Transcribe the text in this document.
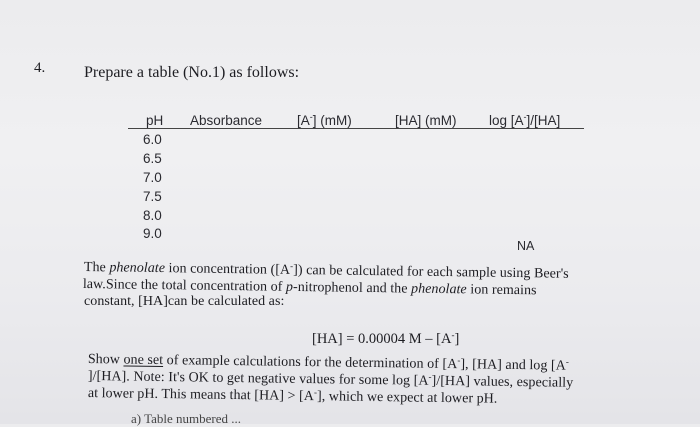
4. Prepare a table (No.1) as follows:
pH Absorbance	[A-] (mM)	[HA] (mM) log [A-]/[HA]
6.0
6.5
7.0
7.5
8.0
9.0
NA
The phenolate ion concentration ([A-]) can be calculated for each sample using Beer's
law.Since the total concentration of p-nitrophenol and the phenolate ion remains
constant, [HA]can be calculated as:
[HA] = 0.00004 M – [A-]
Show one set of example calculations for the determination of [A-], [HA] and log [A-
]/[HA]. Note: It's OK to get negative values for some log [A-]/[HA] values, especially
at lower pH. This means that [HA] > [A-], which we expect at lower pH.
a) Table numbered ...
